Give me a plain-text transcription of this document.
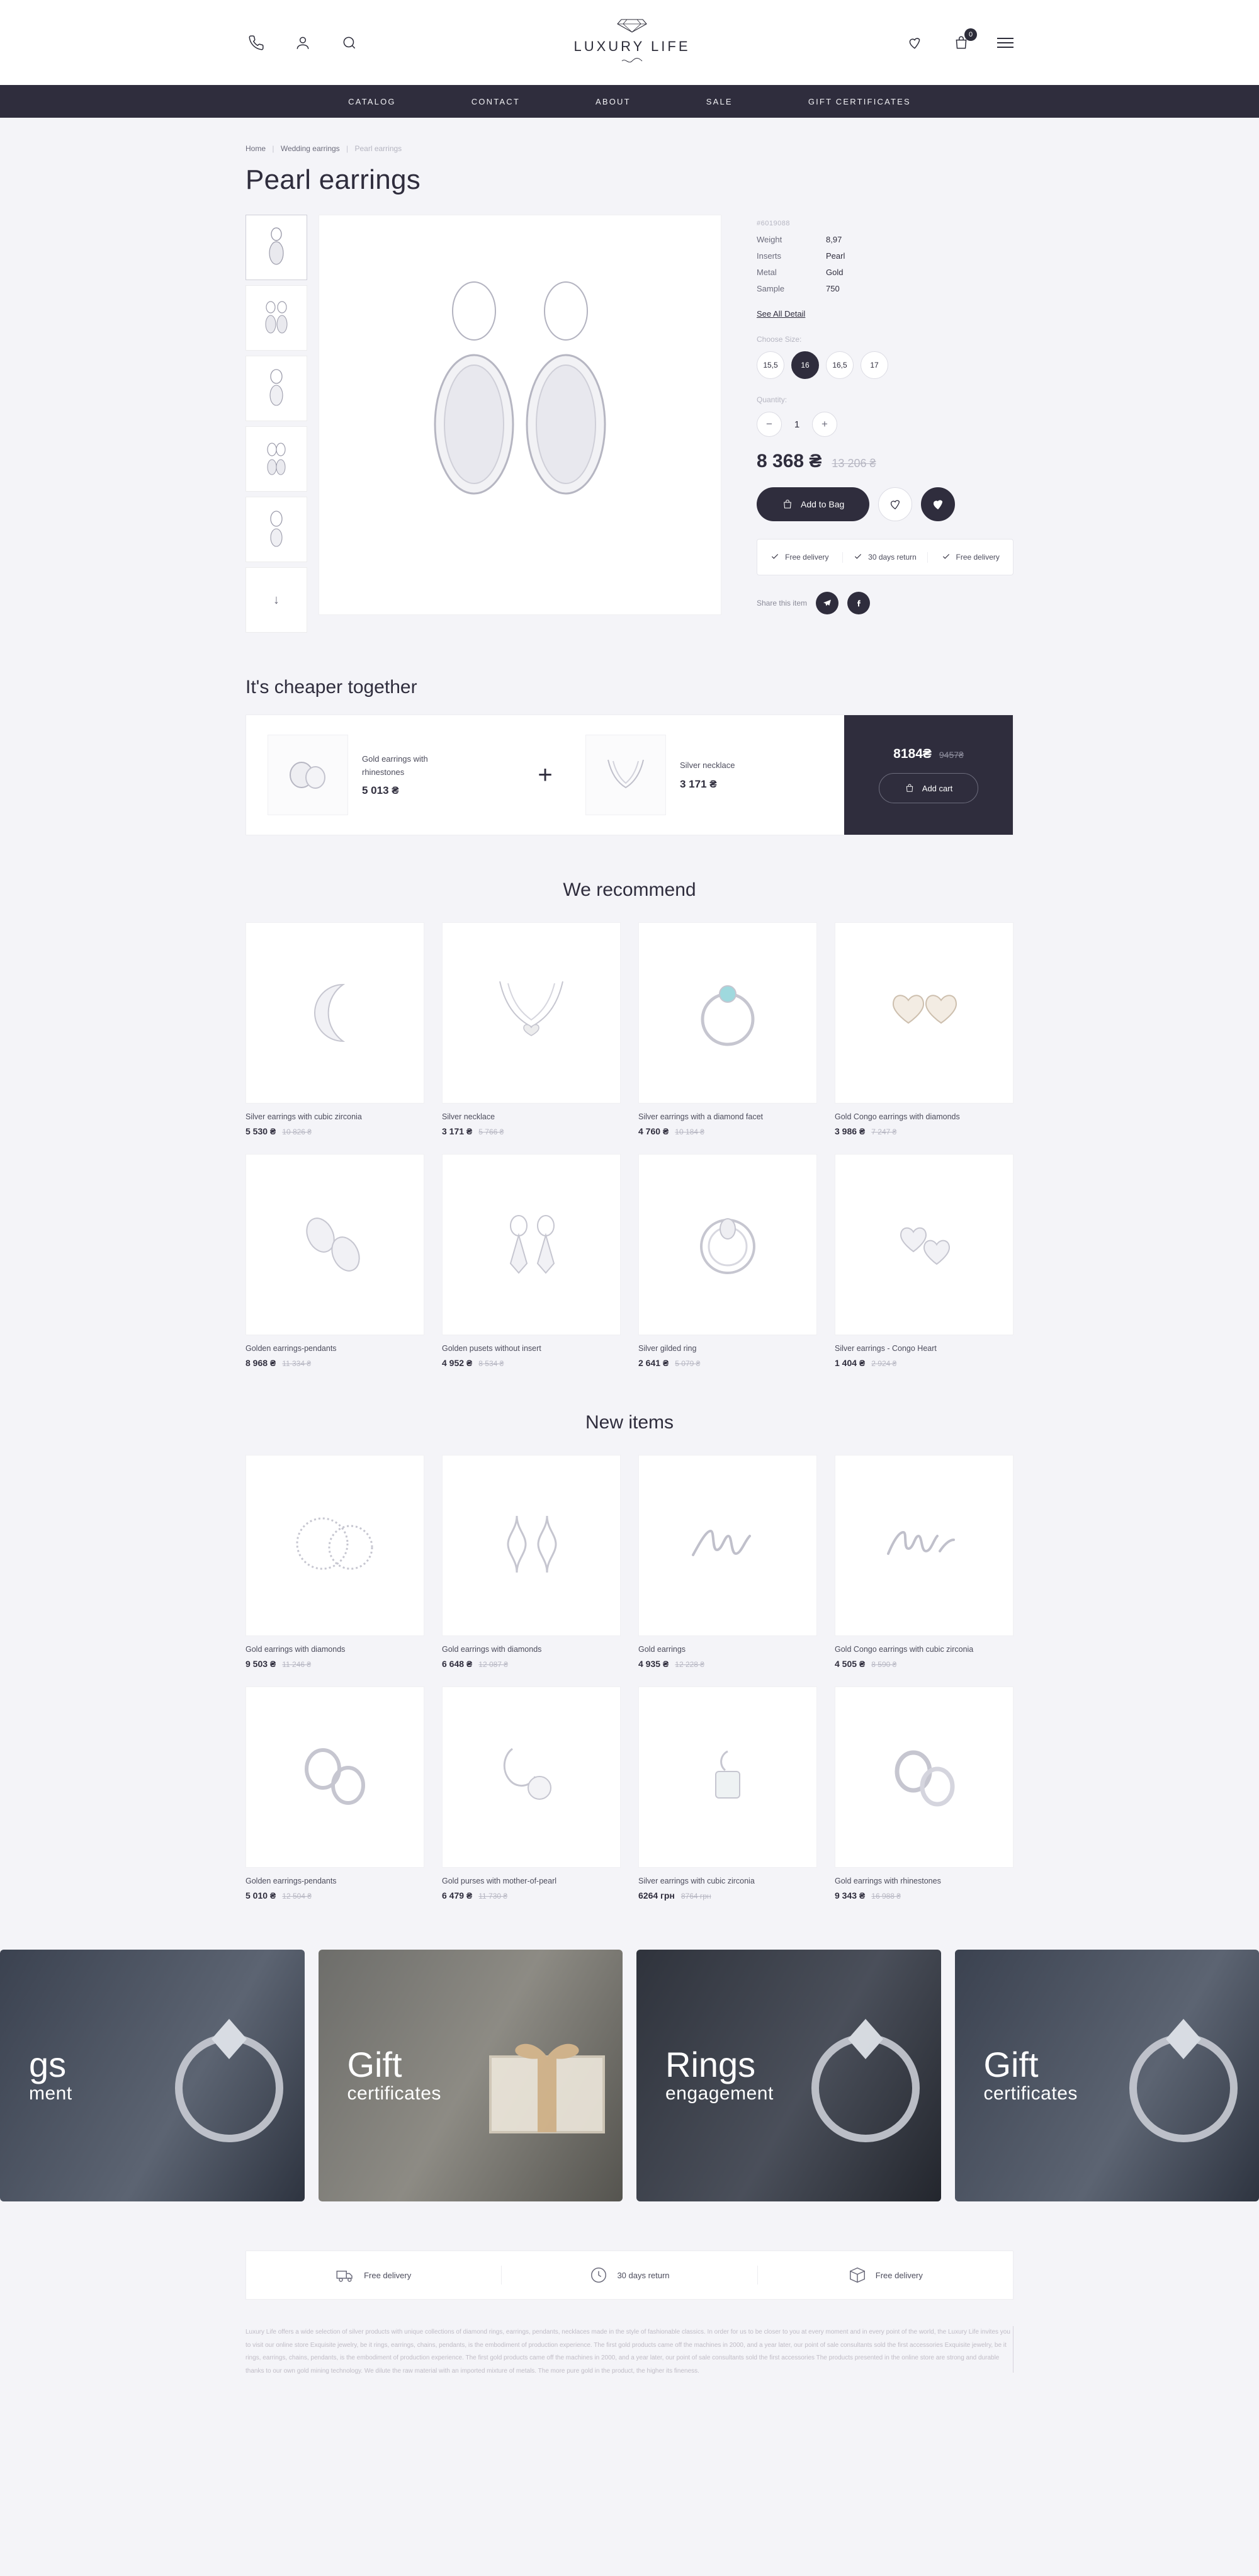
LUXURY LIFE
0
CATALOG	CONTACT	ABOUT	SALE	GIFT CERTIFICATES
Home | Wedding earrings | Pearl earrings
Pearl earrings
↓
#6019088
Weight	8,97
Inserts	Pearl
Metal	Gold
Sample	750
See All Detail
Choose Size:
15,5	16	16,5	17
Quantity:
−	1	+
8 368 ₴ 13 206 ₴
Add to Bag
Free delivery	30 days return	Free delivery
Share this item
It's cheaper together
Gold earrings with rhinestones
5 013 ₴
+	Silver necklace
3 171 ₴
8184₴ 9457₴
Add cart
We recommend
Silver earrings with cubic zirconia
5 530 ₴ 10 826 ₴
Silver necklace
3 171 ₴ 5 766 ₴
Silver earrings with a diamond facet
4 760 ₴ 10 184 ₴
Gold Congo earrings with diamonds
3 986 ₴ 7 247 ₴
Golden earrings-pendants
8 968 ₴ 11 334 ₴
Golden pusets without insert
4 952 ₴ 8 534 ₴
Silver gilded ring
2 641 ₴ 5 079 ₴
Silver earrings - Congo Heart
1 404 ₴ 2 924 ₴
New items
Gold earrings with diamonds
9 503 ₴ 11 246 ₴
Gold earrings with diamonds
6 648 ₴ 12 087 ₴
Gold earrings
4 935 ₴ 12 228 ₴
Gold Congo earrings with cubic zirconia
4 505 ₴ 8 590 ₴
Golden earrings-pendants
5 010 ₴ 12 504 ₴
Gold purses with mother-of-pearl
6 479 ₴ 11 730 ₴
Silver earrings with cubic zirconia
6264 грн 8764 грн
Gold earrings with rhinestones
9 343 ₴ 16 988 ₴
gs
ment
Gift
certificates
Rings
engagement
Gift
certificates
Free delivery	30 days return	Free delivery
Luxury Life offers a wide selection of silver products with unique collections of diamond rings, earrings, pendants, necklaces made in the style of fashionable classics. In order for us to be closer to you at every moment and in every point of the world, the Luxury Life invites you to visit our online store Exquisite jewelry, be it rings, earrings, chains, pendants, is the embodiment of production experience. The first gold products came off the machines in 2000, and a year later, our point of sale consultants sold the first accessories Exquisite jewelry, be it rings, earrings, chains, pendants, is the embodiment of production experience. The first gold products came off the machines in 2000, and a year later, our point of sale consultants sold the first accessories The products presented in the online store are strong and durable thanks to our own gold mining technology. We dilute the raw material with an imported mixture of metals. The more pure gold in the product, the higher its fineness.
